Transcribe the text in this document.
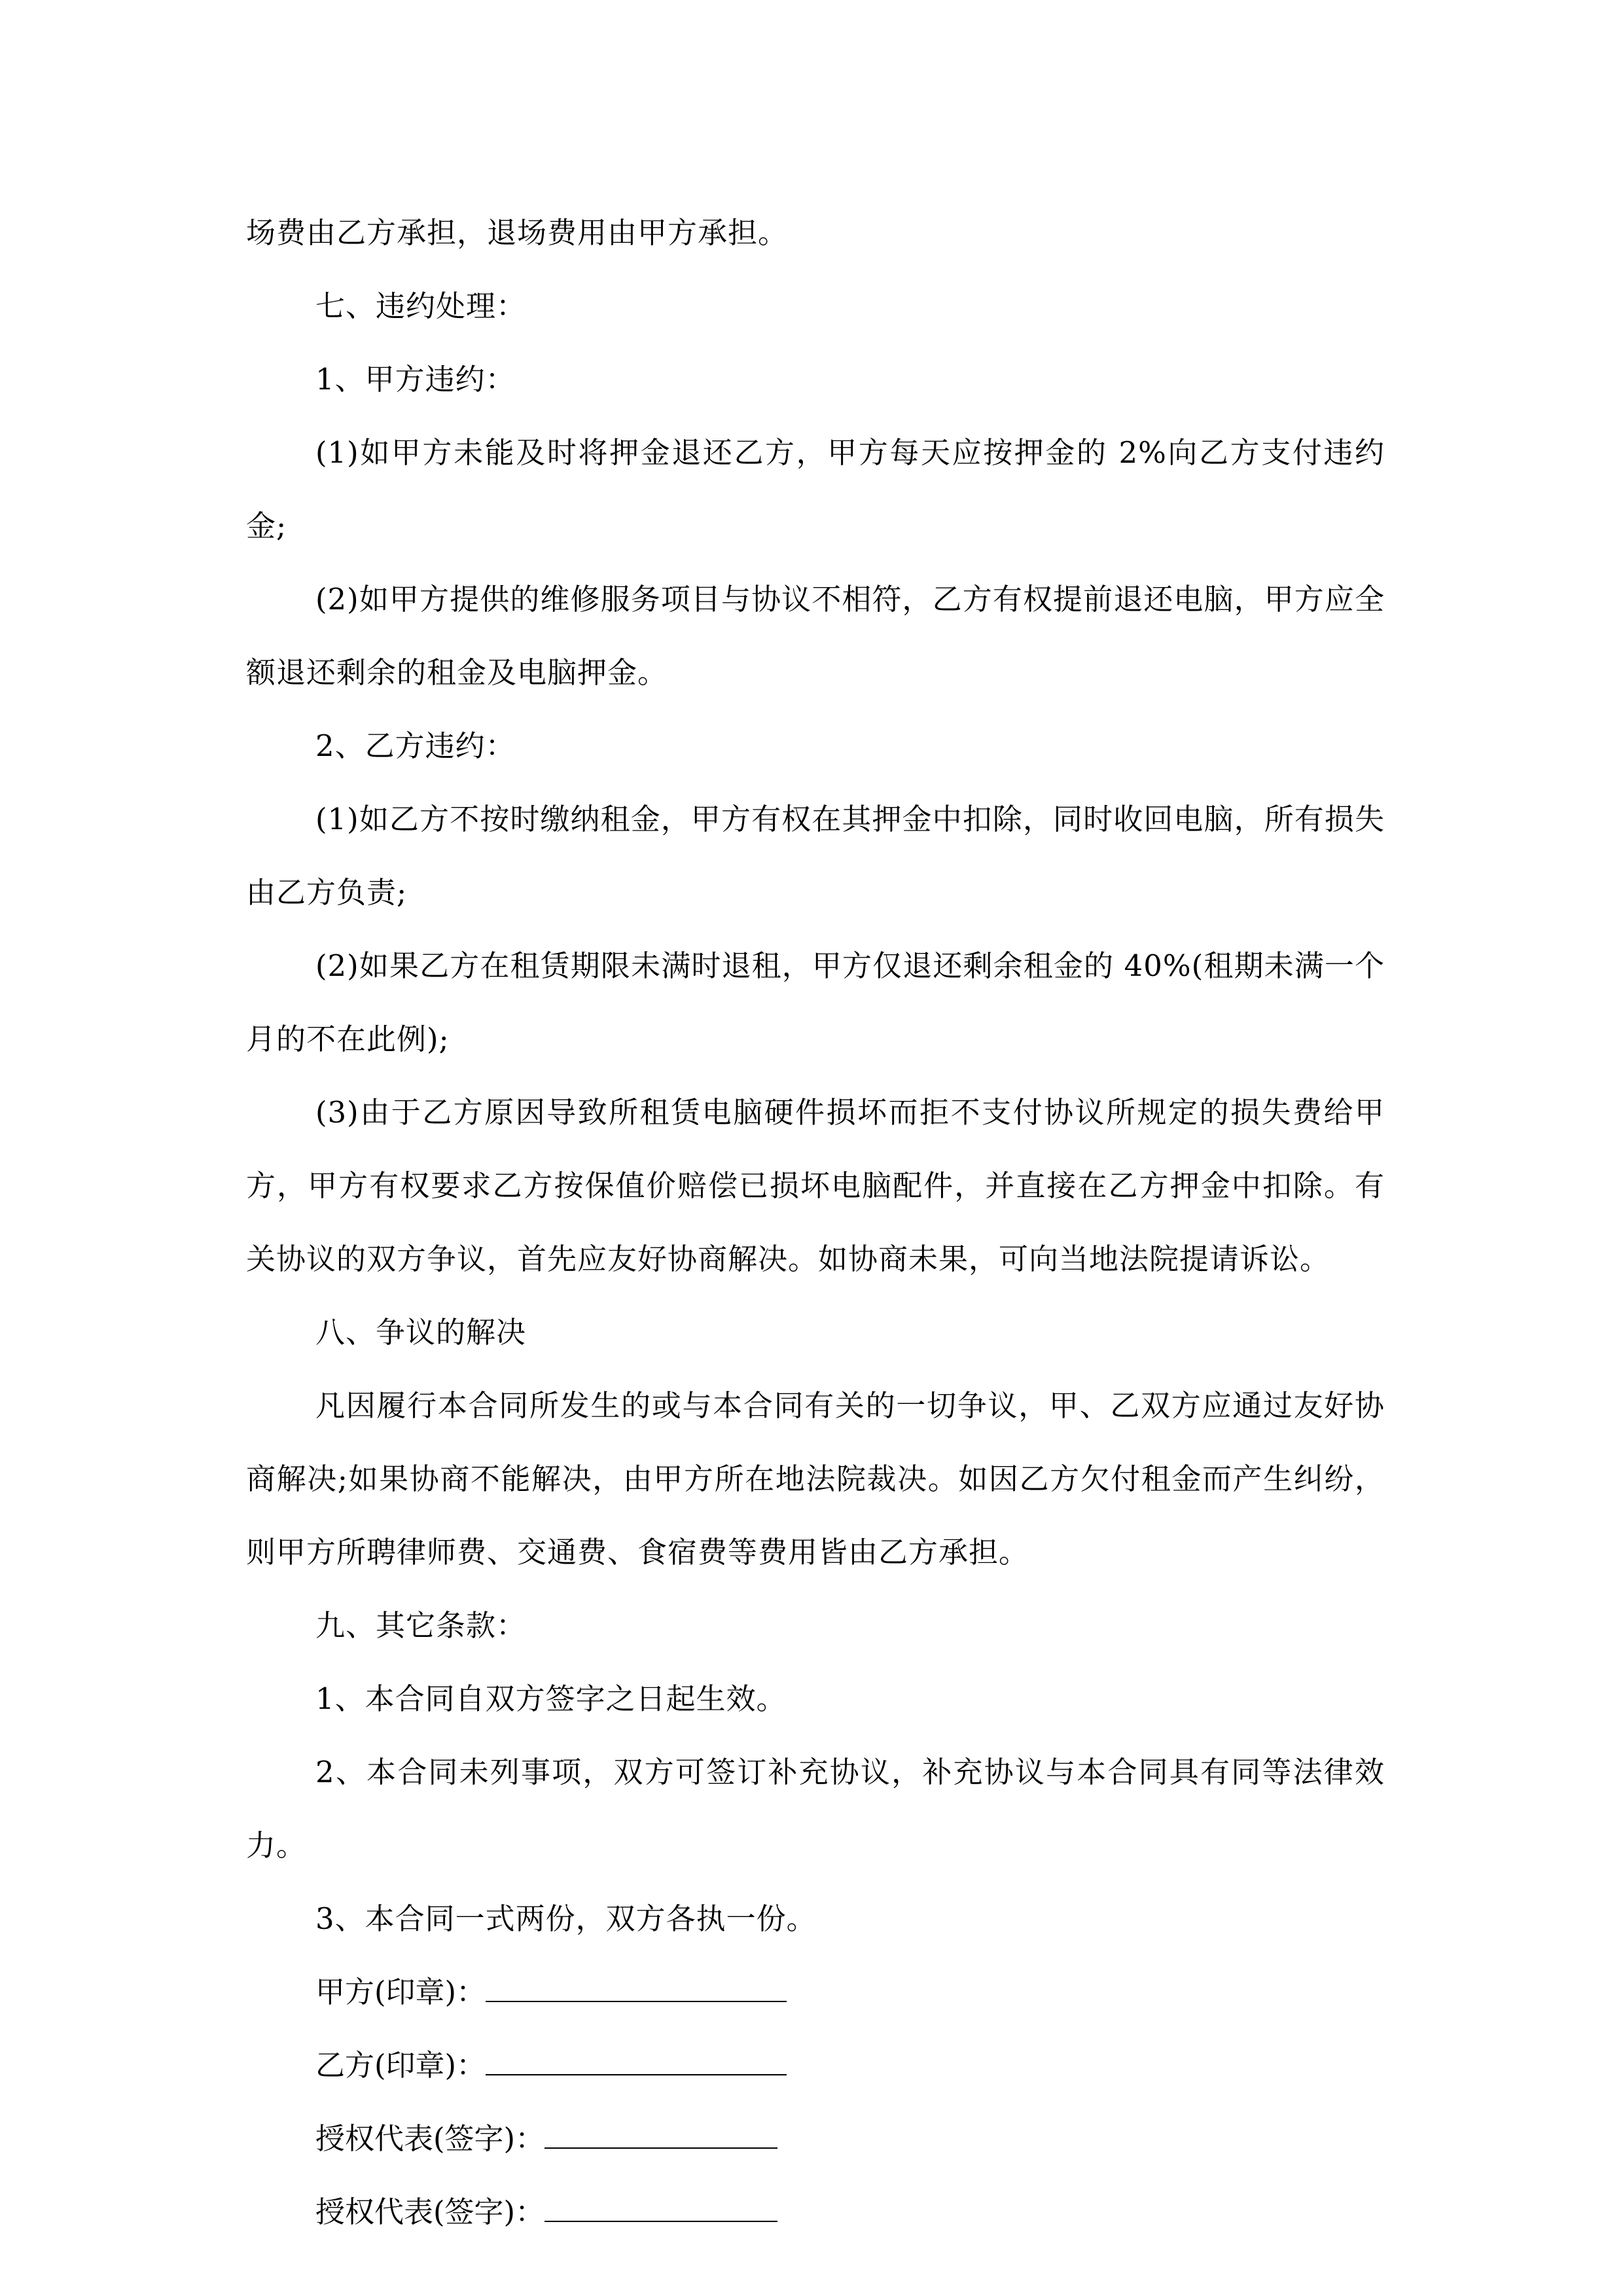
场费由乙方承担，退场费用由甲方承担。

七、违约处理：

1、甲方违约：

(1)如甲方未能及时将押金退还乙方，甲方每天应按押金的 2%向乙方支付违约金;

(2)如甲方提供的维修服务项目与协议不相符，乙方有权提前退还电脑，甲方应全额退还剩余的租金及电脑押金。

2、乙方违约：

(1)如乙方不按时缴纳租金，甲方有权在其押金中扣除，同时收回电脑，所有损失由乙方负责;

(2)如果乙方在租赁期限未满时退租，甲方仅退还剩余租金的 40%(租期未满一个月的不在此例);

(3)由于乙方原因导致所租赁电脑硬件损坏而拒不支付协议所规定的损失费给甲方，甲方有权要求乙方按保值价赔偿已损坏电脑配件，并直接在乙方押金中扣除。有关协议的双方争议，首先应友好协商解决。如协商未果，可向当地法院提请诉讼。

八、争议的解决

凡因履行本合同所发生的或与本合同有关的一切争议，甲、乙双方应通过友好协商解决;如果协商不能解决，由甲方所在地法院裁决。如因乙方欠付租金而产生纠纷，则甲方所聘律师费、交通费、食宿费等费用皆由乙方承担。

九、其它条款：

1、本合同自双方签字之日起生效。

2、本合同未列事项，双方可签订补充协议，补充协议与本合同具有同等法律效力。

3、本合同一式两份，双方各执一份。

甲方(印章)：

乙方(印章)：

授权代表(签字)：

授权代表(签字)：
